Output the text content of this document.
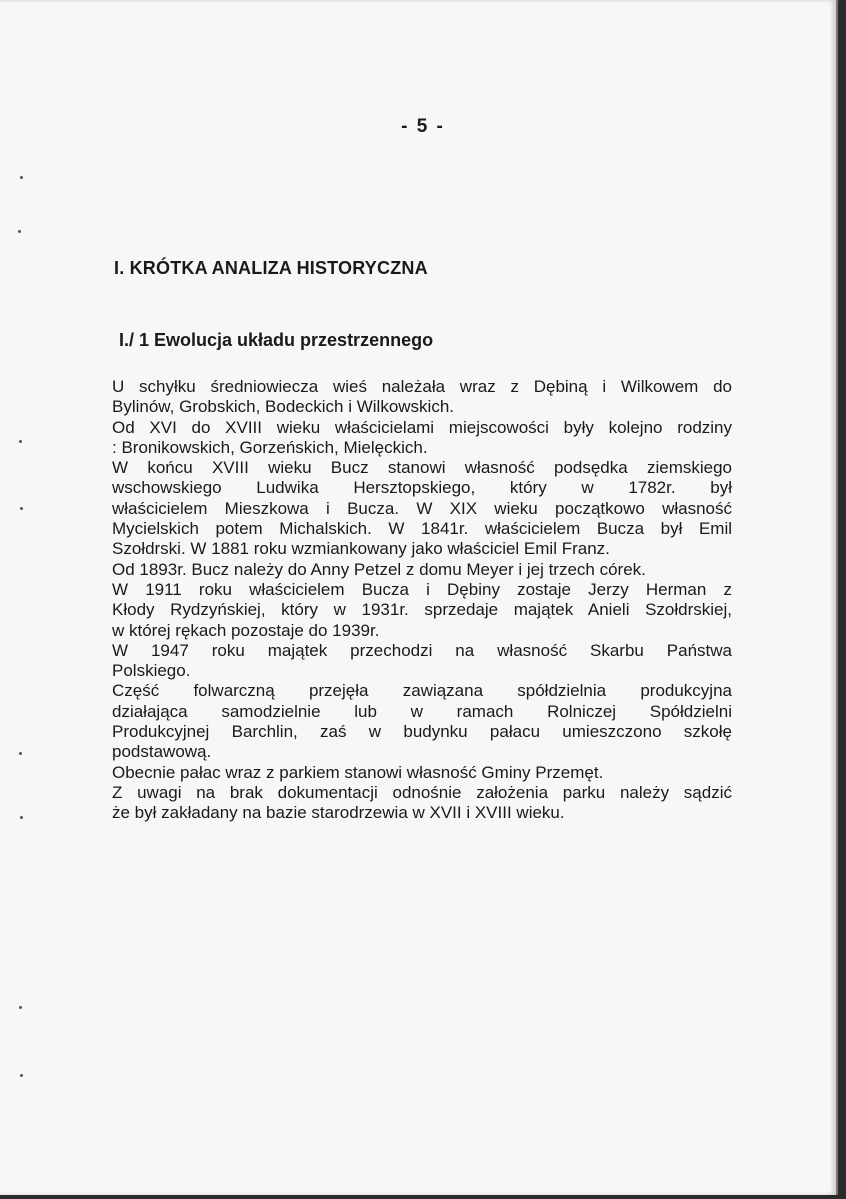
- 5 -
I. KRÓTKA ANALIZA HISTORYCZNA
I./ 1 Ewolucja układu przestrzennego
U schyłku średniowiecza wieś należała wraz z Dębiną i Wilkowem do
Bylinów, Grobskich, Bodeckich i Wilkowskich.
Od XVI do XVIII wieku właścicielami miejscowości były kolejno rodziny
: Bronikowskich, Gorzeńskich, Mielęckich.
W końcu XVIII wieku Bucz stanowi własność podsędka ziemskiego
wschowskiego Ludwika Hersztopskiego, który w 1782r. był
właścicielem Mieszkowa i Bucza. W XIX wieku początkowo własność
Mycielskich potem Michalskich. W 1841r. właścicielem Bucza był Emil
Szołdrski. W 1881 roku wzmiankowany jako właściciel Emil Franz.
Od 1893r. Bucz należy do Anny Petzel z domu Meyer i jej trzech córek.
W 1911 roku właścicielem Bucza i Dębiny zostaje Jerzy Herman z
Kłody Rydzyńskiej, który w 1931r. sprzedaje majątek Anieli Szołdrskiej,
w której rękach pozostaje do 1939r.
W 1947 roku majątek przechodzi na własność Skarbu Państwa
Polskiego.
Część folwarczną przejęła zawiązana spółdzielnia produkcyjna
działająca samodzielnie lub w ramach Rolniczej Spółdzielni
Produkcyjnej Barchlin, zaś w budynku pałacu umieszczono szkołę
podstawową.
Obecnie pałac wraz z parkiem stanowi własność Gminy Przemęt.
Z uwagi na brak dokumentacji odnośnie założenia parku należy sądzić
że był zakładany na bazie starodrzewia w XVII i XVIII wieku.
